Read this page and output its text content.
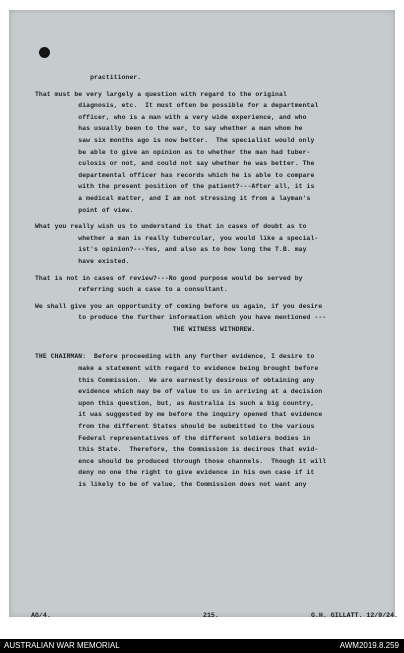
practitioner.

That must be very largely a question with regard to the original
diagnosis, etc.  It must often be possible for a departmental
officer, who is a man with a very wide experience, and who
has usually been to the war, to say whether a man whom he
saw six months ago is now better.  The specialist would only
be able to give an opinion as to whether the man had tuber-
culosis or not, and could not say whether he was better. The
departmental officer has records which he is able to compare
with the present position of the patient?---After all, it is
a medical matter, and I am not stressing it from a layman's
point of view.

What you really wish us to understand is that in cases of doubt as to
whether a man is really tubercular, you would like a special-
ist's opinion?---Yes, and also as to how long the T.B. may
have existed.

That is not in cases of review?---No good purpose would be served by
referring such a case to a consultant.

We shall give you an opportunity of coming before us again, if you desire
to produce the further information which you have mentioned ---
THE WITNESS WITHDREW.

THE CHAIRMAN:  Before proceeding with any further evidence, I desire to
make a statement with regard to evidence being brought before
this Commission.  We are earnestly desirous of obtaining any
evidence which may be of value to us in arriving at a decision
upon this question, but, as Australia is such a big country,
it was suggested by me before the inquiry opened that evidence
from the different States should be submitted to the various
Federal representatives of the different soldiers bodies in
this State.  Therefore, the Commission is decirous that evid-
ence should be produced through those channels.  Though it will
deny no one the right to give evidence in his own case if it
is likely to be of value, the Commission does not want any

AG/4.	215.	G.H. GILLATT. 12/9/24.
AUSTRALIAN WAR MEMORIAL	AWM2019.8.259
